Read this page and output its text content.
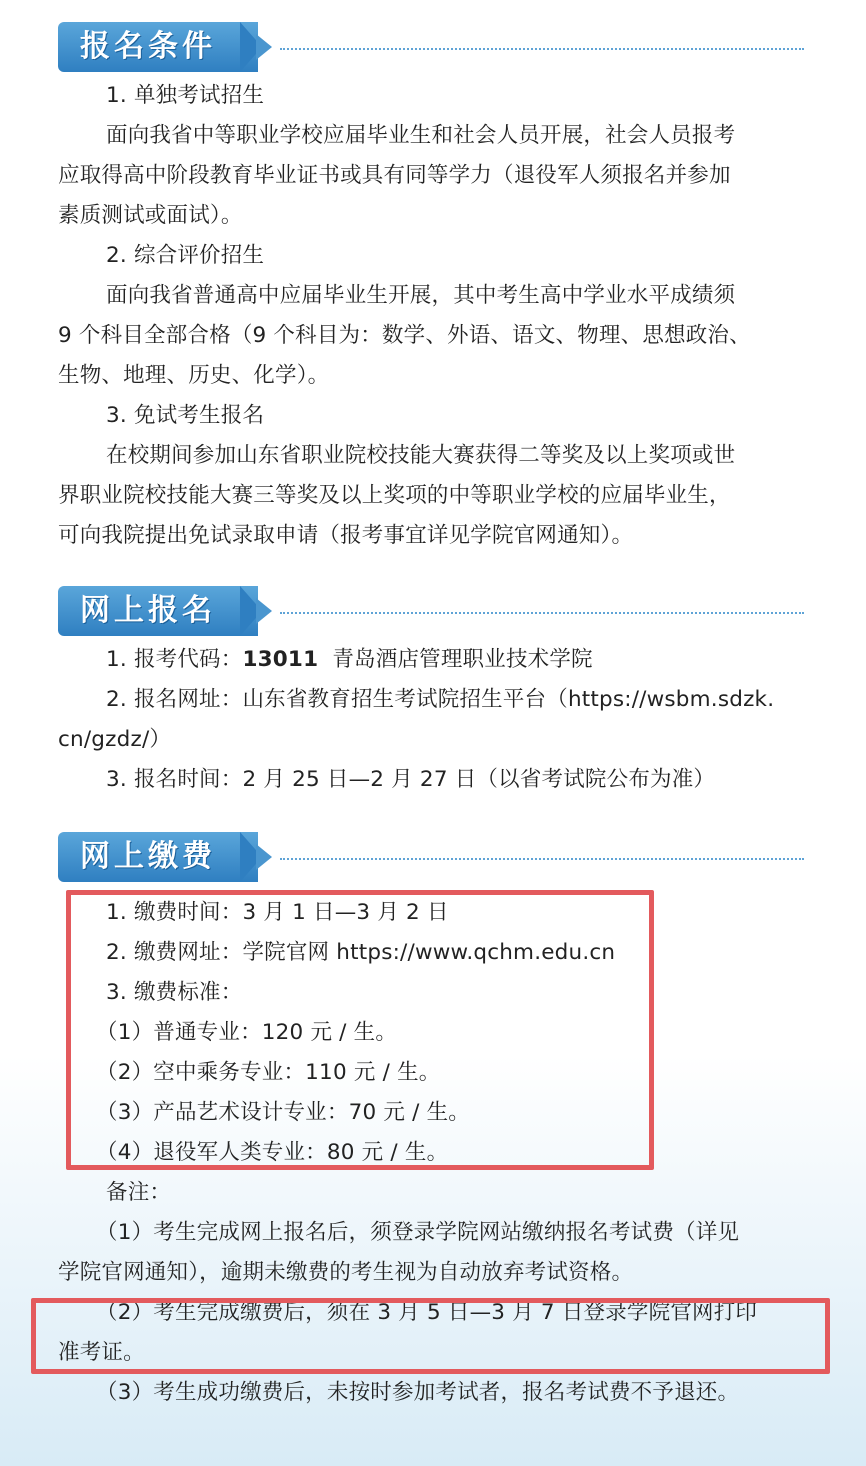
报名条件

1. 单独考试招生

面向我省中等职业学校应届毕业生和社会人员开展，社会人员报考

应取得高中阶段教育毕业证书或具有同等学力（退役军人须报名并参加

素质测试或面试）。

2. 综合评价招生

面向我省普通高中应届毕业生开展，其中考生高中学业水平成绩须

9 个科目全部合格（9 个科目为：数学、外语、语文、物理、思想政治、

生物、地理、历史、化学）。

3. 免试考生报名

在校期间参加山东省职业院校技能大赛获得二等奖及以上奖项或世

界职业院校技能大赛三等奖及以上奖项的中等职业学校的应届毕业生，

可向我院提出免试录取申请（报考事宜详见学院官网通知）。

网上报名

1. 报考代码：13011 青岛酒店管理职业技术学院

2. 报名网址：山东省教育招生考试院招生平台（https://wsbm.sdzk.

cn/gzdz/）

3. 报名时间：2 月 25 日—2 月 27 日（以省考试院公布为准）

网上缴费

1. 缴费时间：3 月 1 日—3 月 2 日

2. 缴费网址：学院官网 https://www.qchm.edu.cn

3. 缴费标准：

（1）普通专业：120 元 / 生。

（2）空中乘务专业：110 元 / 生。

（3）产品艺术设计专业：70 元 / 生。

（4）退役军人类专业：80 元 / 生。

备注：

（1）考生完成网上报名后，须登录学院网站缴纳报名考试费（详见

学院官网通知），逾期未缴费的考生视为自动放弃考试资格。

（2）考生完成缴费后，须在 3 月 5 日—3 月 7 日登录学院官网打印

准考证。

（3）考生成功缴费后，未按时参加考试者，报名考试费不予退还。
